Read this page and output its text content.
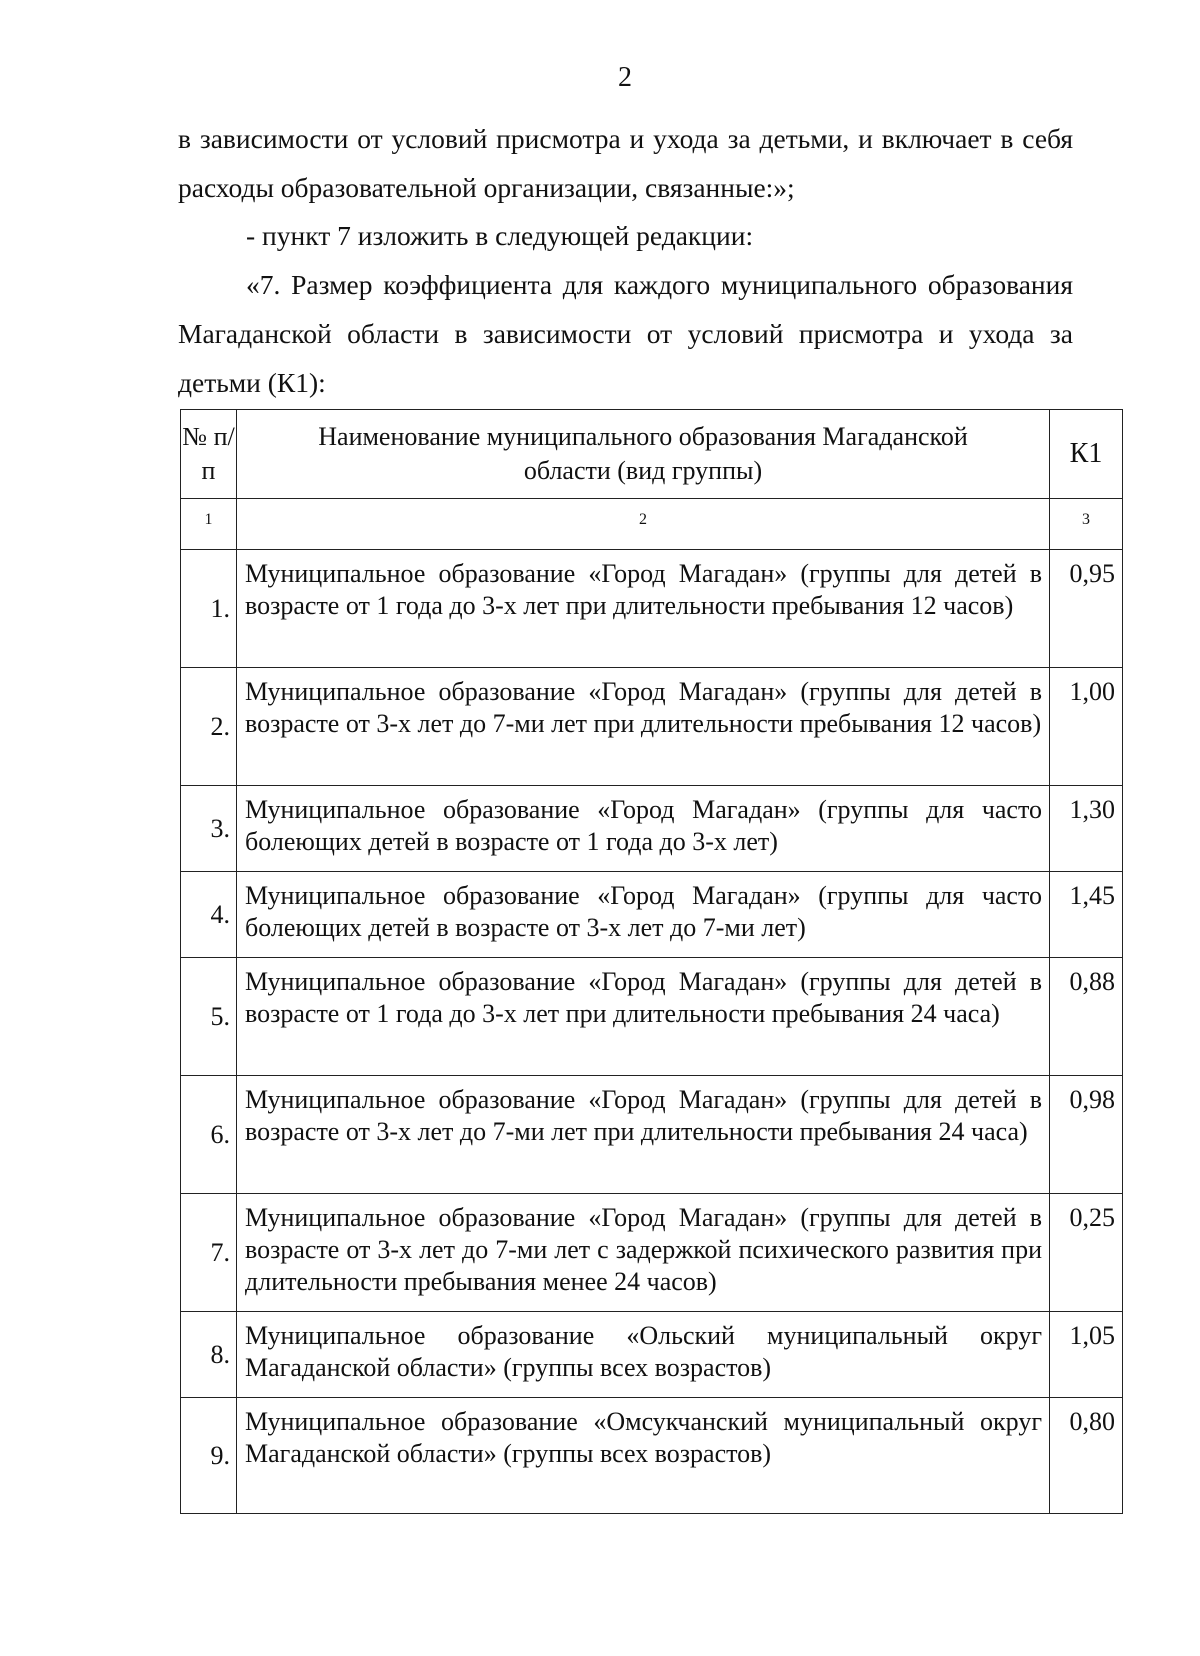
2

в зависимости от условий присмотра и ухода за детьми, и включает в себя расходы образовательной организации, связанные:»;

- пункт 7 изложить в следующей редакции:

«7. Размер коэффициента для каждого муниципального образования Магаданской области в зависимости от условий присмотра и ухода за детьми (К1):

№ п/п	Наименование муниципального образования Магаданской области (вид группы)	К1
1	2	3
1.	Муниципальное образование «Город Магадан» (группы для детей в возрасте от 1 года до 3-х лет при длительности пребывания 12 часов)	0,95
2.	Муниципальное образование «Город Магадан» (группы для детей в возрасте от 3-х лет до 7-ми лет при длительности пребывания 12 часов)	1,00
3.	Муниципальное образование «Город Магадан» (группы для часто болеющих детей в возрасте от 1 года до 3-х лет)	1,30
4.	Муниципальное образование «Город Магадан» (группы для часто болеющих детей в возрасте от 3-х лет до 7-ми лет)	1,45
5.	Муниципальное образование «Город Магадан» (группы для детей в возрасте от 1 года до 3-х лет при длительности пребывания 24 часа)	0,88
6.	Муниципальное образование «Город Магадан» (группы для детей в возрасте от 3-х лет до 7-ми лет при длительности пребывания 24 часа)	0,98
7.	Муниципальное образование «Город Магадан» (группы для детей в возрасте от 3-х лет до 7-ми лет с задержкой психического развития при длительности пребывания менее 24 часов)	0,25
8.	Муниципальное образование «Ольский муниципальный округ Магаданской области» (группы всех возрастов)	1,05
9.	Муниципальное образование «Омсукчанский муниципальный округ Магаданской области» (группы всех возрастов)	0,80
